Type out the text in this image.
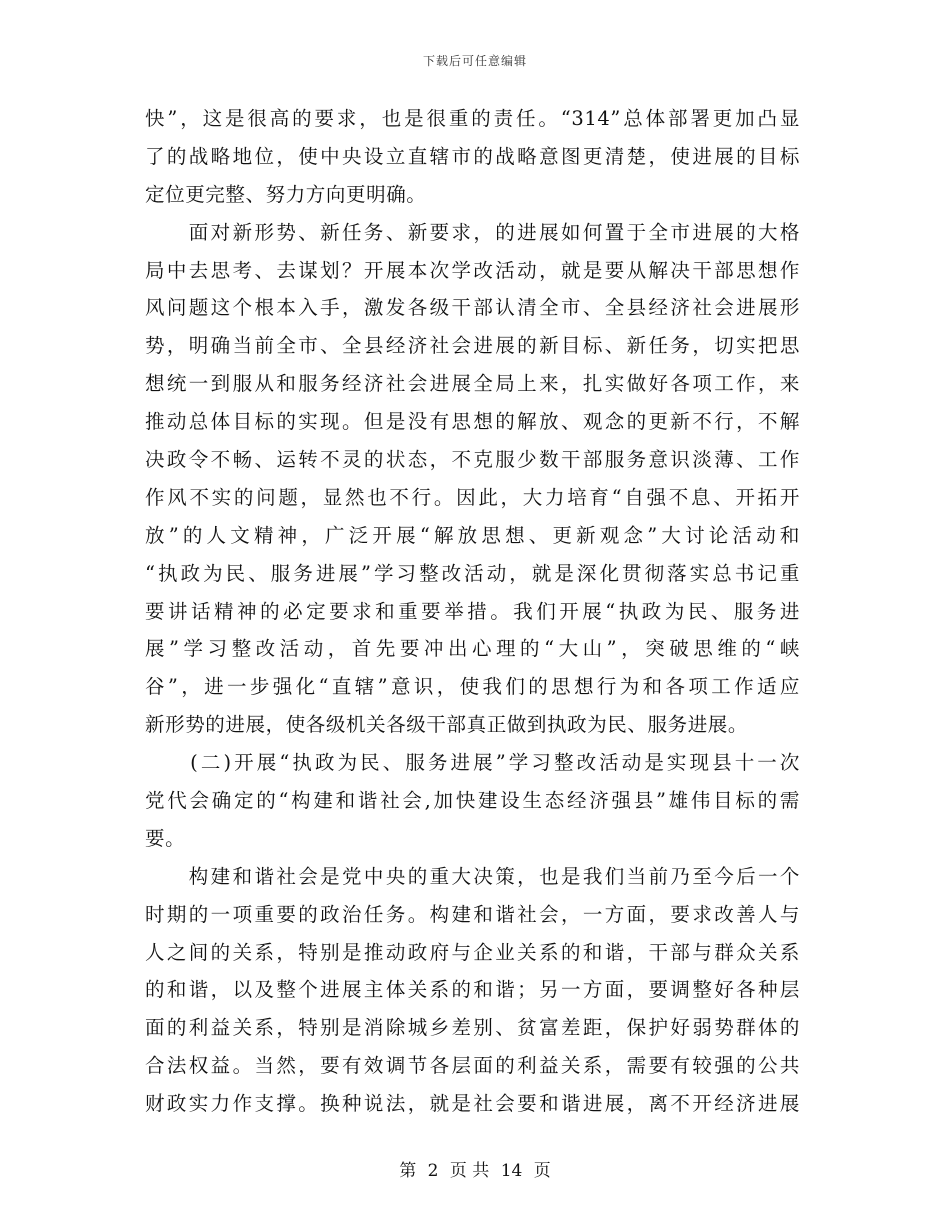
下载后可任意编辑
快”，这是很高的要求，也是很重的责任。“314”总体部署更加凸显
了的战略地位，使中央设立直辖市的战略意图更清楚，使进展的目标
定位更完整、努力方向更明确。
　　面对新形势、新任务、新要求，的进展如何置于全市进展的大格
局中去思考、去谋划？开展本次学改活动，就是要从解决干部思想作
风问题这个根本入手，激发各级干部认清全市、全县经济社会进展形
势，明确当前全市、全县经济社会进展的新目标、新任务，切实把思
想统一到服从和服务经济社会进展全局上来，扎实做好各项工作，来
推动总体目标的实现。但是没有思想的解放、观念的更新不行，不解
决政令不畅、运转不灵的状态，不克服少数干部服务意识淡薄、工作
作风不实的问题，显然也不行。因此，大力培育“自强不息、开拓开
放”的人文精神，广泛开展“解放思想、更新观念”大讨论活动和
“执政为民、服务进展”学习整改活动，就是深化贯彻落实总书记重
要讲话精神的必定要求和重要举措。我们开展“执政为民、服务进
展”学习整改活动，首先要冲出心理的“大山”，突破思维的“峡
谷”，进一步强化“直辖”意识，使我们的思想行为和各项工作适应
新形势的进展，使各级机关各级干部真正做到执政为民、服务进展。
　　(二)开展“执政为民、服务进展”学习整改活动是实现县十一次
党代会确定的“构建和谐社会,加快建设生态经济强县”雄伟目标的需
要。
　　构建和谐社会是党中央的重大决策，也是我们当前乃至今后一个
时期的一项重要的政治任务。构建和谐社会，一方面，要求改善人与
人之间的关系，特别是推动政府与企业关系的和谐，干部与群众关系
的和谐，以及整个进展主体关系的和谐；另一方面，要调整好各种层
面的利益关系，特别是消除城乡差别、贫富差距，保护好弱势群体的
合法权益。当然，要有效调节各层面的利益关系，需要有较强的公共
财政实力作支撑。换种说法，就是社会要和谐进展，离不开经济进展
第 2 页 共 14 页
